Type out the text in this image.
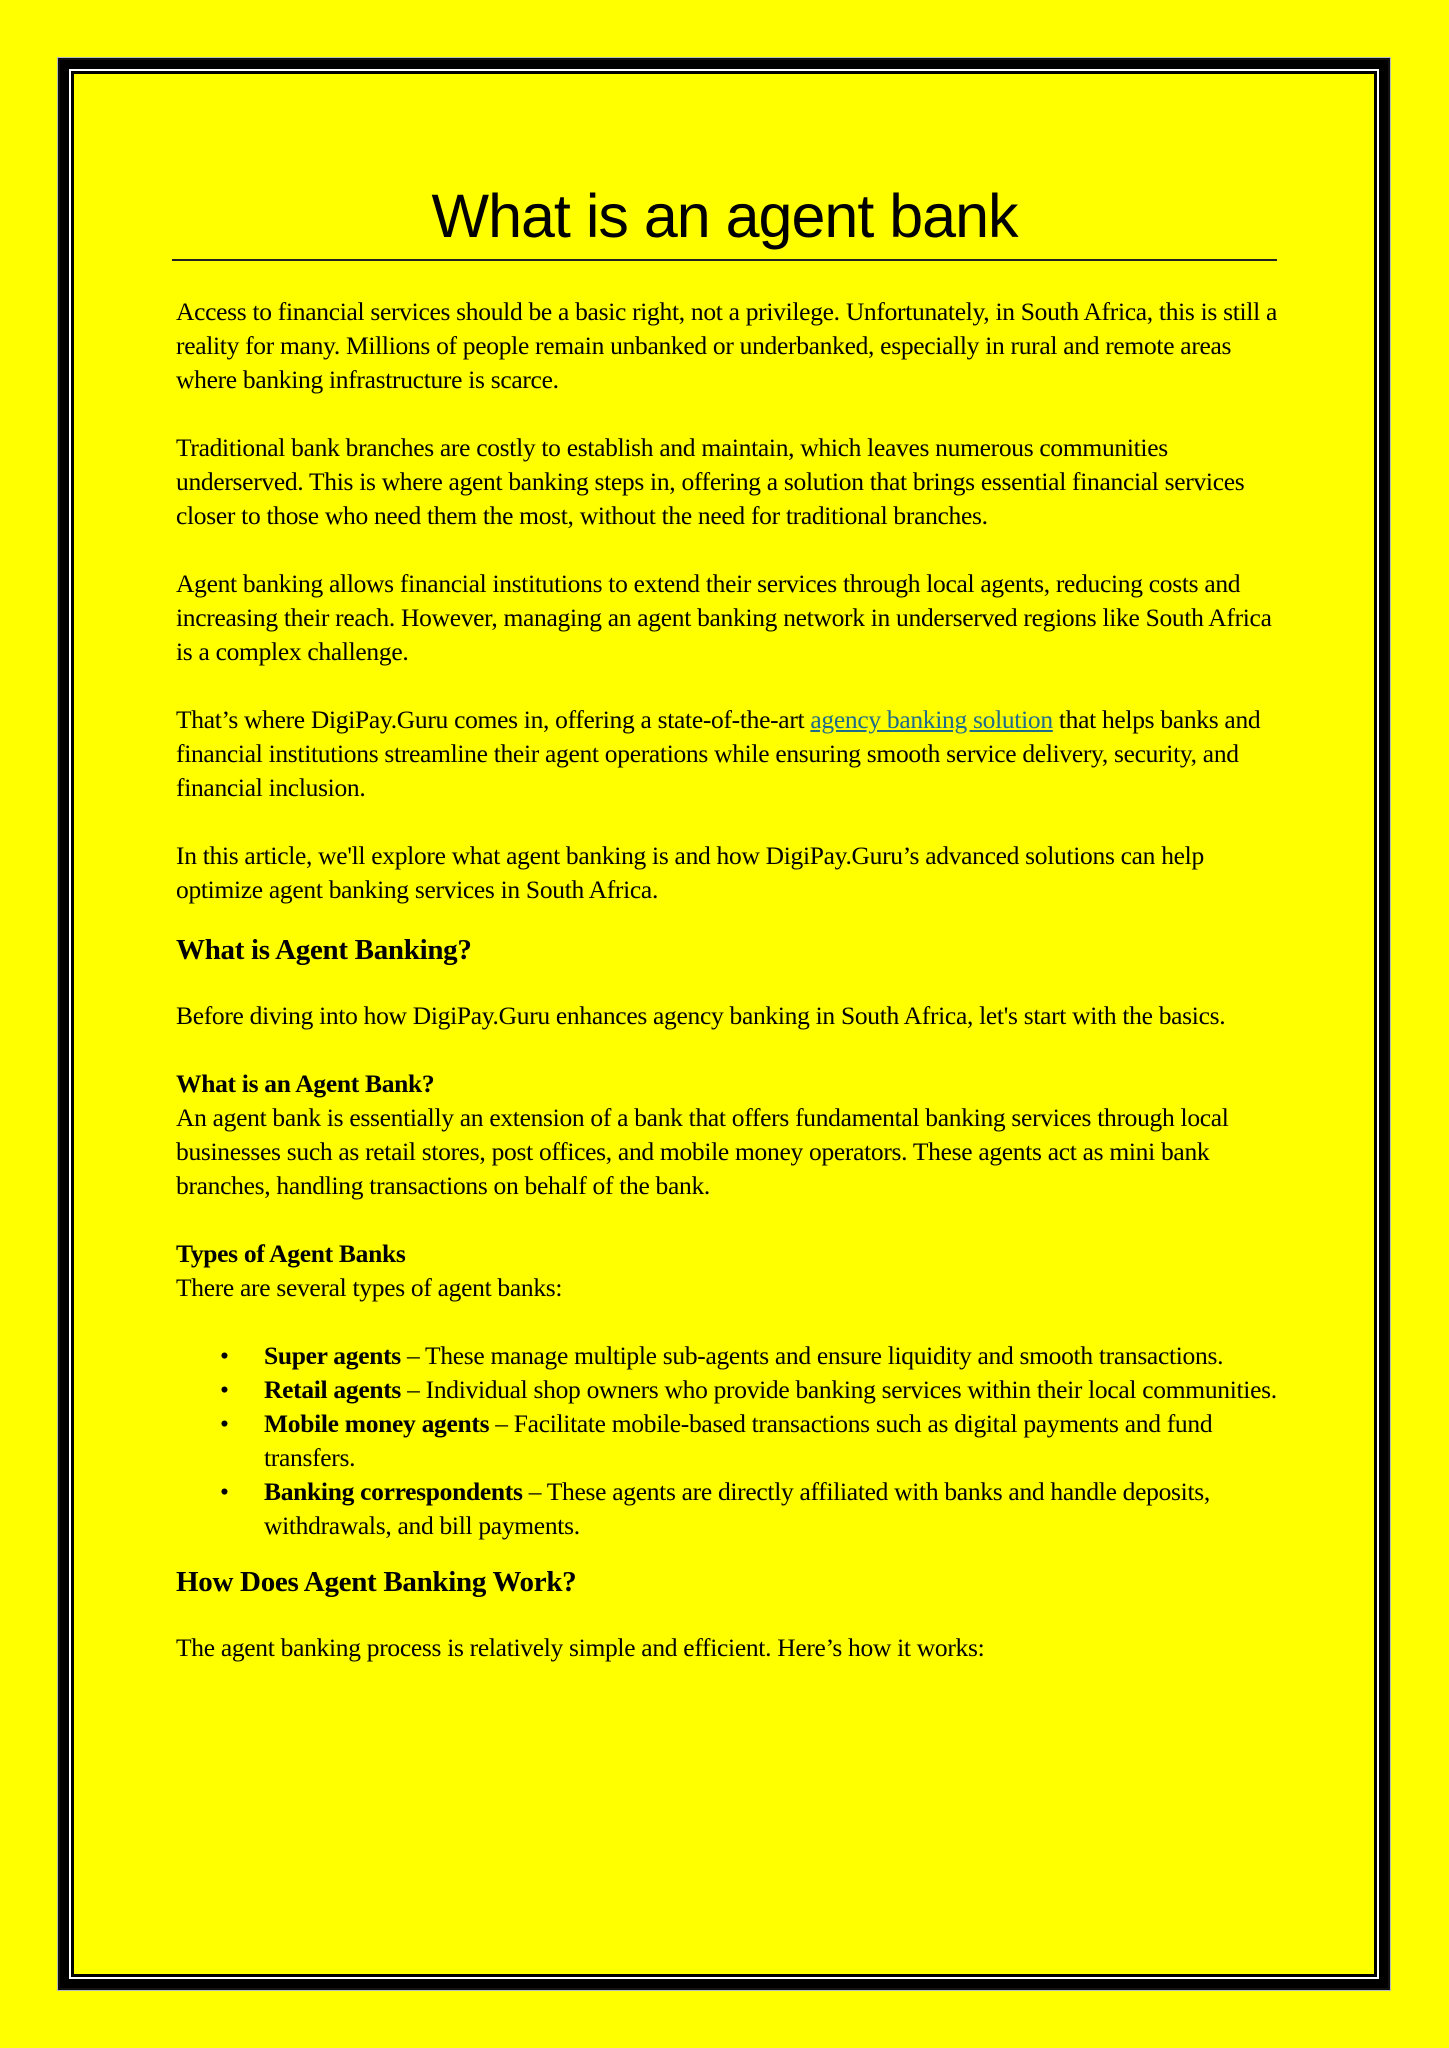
What is an agent bank

Access to financial services should be a basic right, not a privilege. Unfortunately, in South Africa, this is still a reality for many. Millions of people remain unbanked or underbanked, especially in rural and remote areas where banking infrastructure is scarce.

Traditional bank branches are costly to establish and maintain, which leaves numerous communities underserved. This is where agent banking steps in, offering a solution that brings essential financial services closer to those who need them the most, without the need for traditional branches.

Agent banking allows financial institutions to extend their services through local agents, reducing costs and increasing their reach. However, managing an agent banking network in underserved regions like South Africa is a complex challenge.

That’s where DigiPay.Guru comes in, offering a state-of-the-art agency banking solution that helps banks and financial institutions streamline their agent operations while ensuring smooth service delivery, security, and financial inclusion.

In this article, we'll explore what agent banking is and how DigiPay.Guru’s advanced solutions can help optimize agent banking services in South Africa.

What is Agent Banking?

Before diving into how DigiPay.Guru enhances agency banking in South Africa, let's start with the basics.

What is an Agent Bank?

An agent bank is essentially an extension of a bank that offers fundamental banking services through local businesses such as retail stores, post offices, and mobile money operators. These agents act as mini bank branches, handling transactions on behalf of the bank.

Types of Agent Banks

There are several types of agent banks:

• Super agents – These manage multiple sub-agents and ensure liquidity and smooth transactions.
• Retail agents – Individual shop owners who provide banking services within their local communities.
• Mobile money agents – Facilitate mobile-based transactions such as digital payments and fund transfers.
• Banking correspondents – These agents are directly affiliated with banks and handle deposits, withdrawals, and bill payments.
How Does Agent Banking Work?

The agent banking process is relatively simple and efficient. Here’s how it works:
